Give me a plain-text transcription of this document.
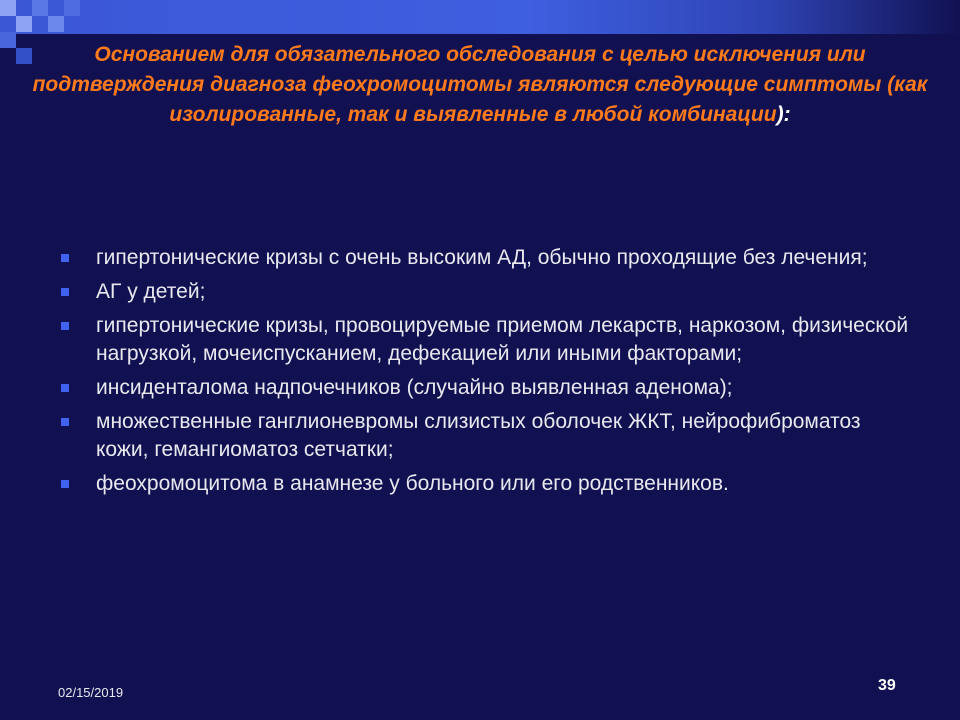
Основанием для обязательного обследования с целью исключения или подтверждения диагноза феохромоцитомы являются следующие симптомы (как изолированные, так и выявленные в любой комбинации):
гипертонические кризы с очень высоким АД, обычно проходящие без лечения;
АГ у детей;
гипертонические кризы, провоцируемые приемом лекарств, наркозом, физической нагрузкой, мочеиспусканием, дефекацией или иными факторами;
инсиденталома надпочечников (случайно выявленная аденома);
множественные ганглионевромы слизистых оболочек ЖКТ, нейрофиброматоз кожи, гемангиоматоз сетчатки;
феохромоцитома в анамнезе у больного или его родственников.
02/15/2019	39
